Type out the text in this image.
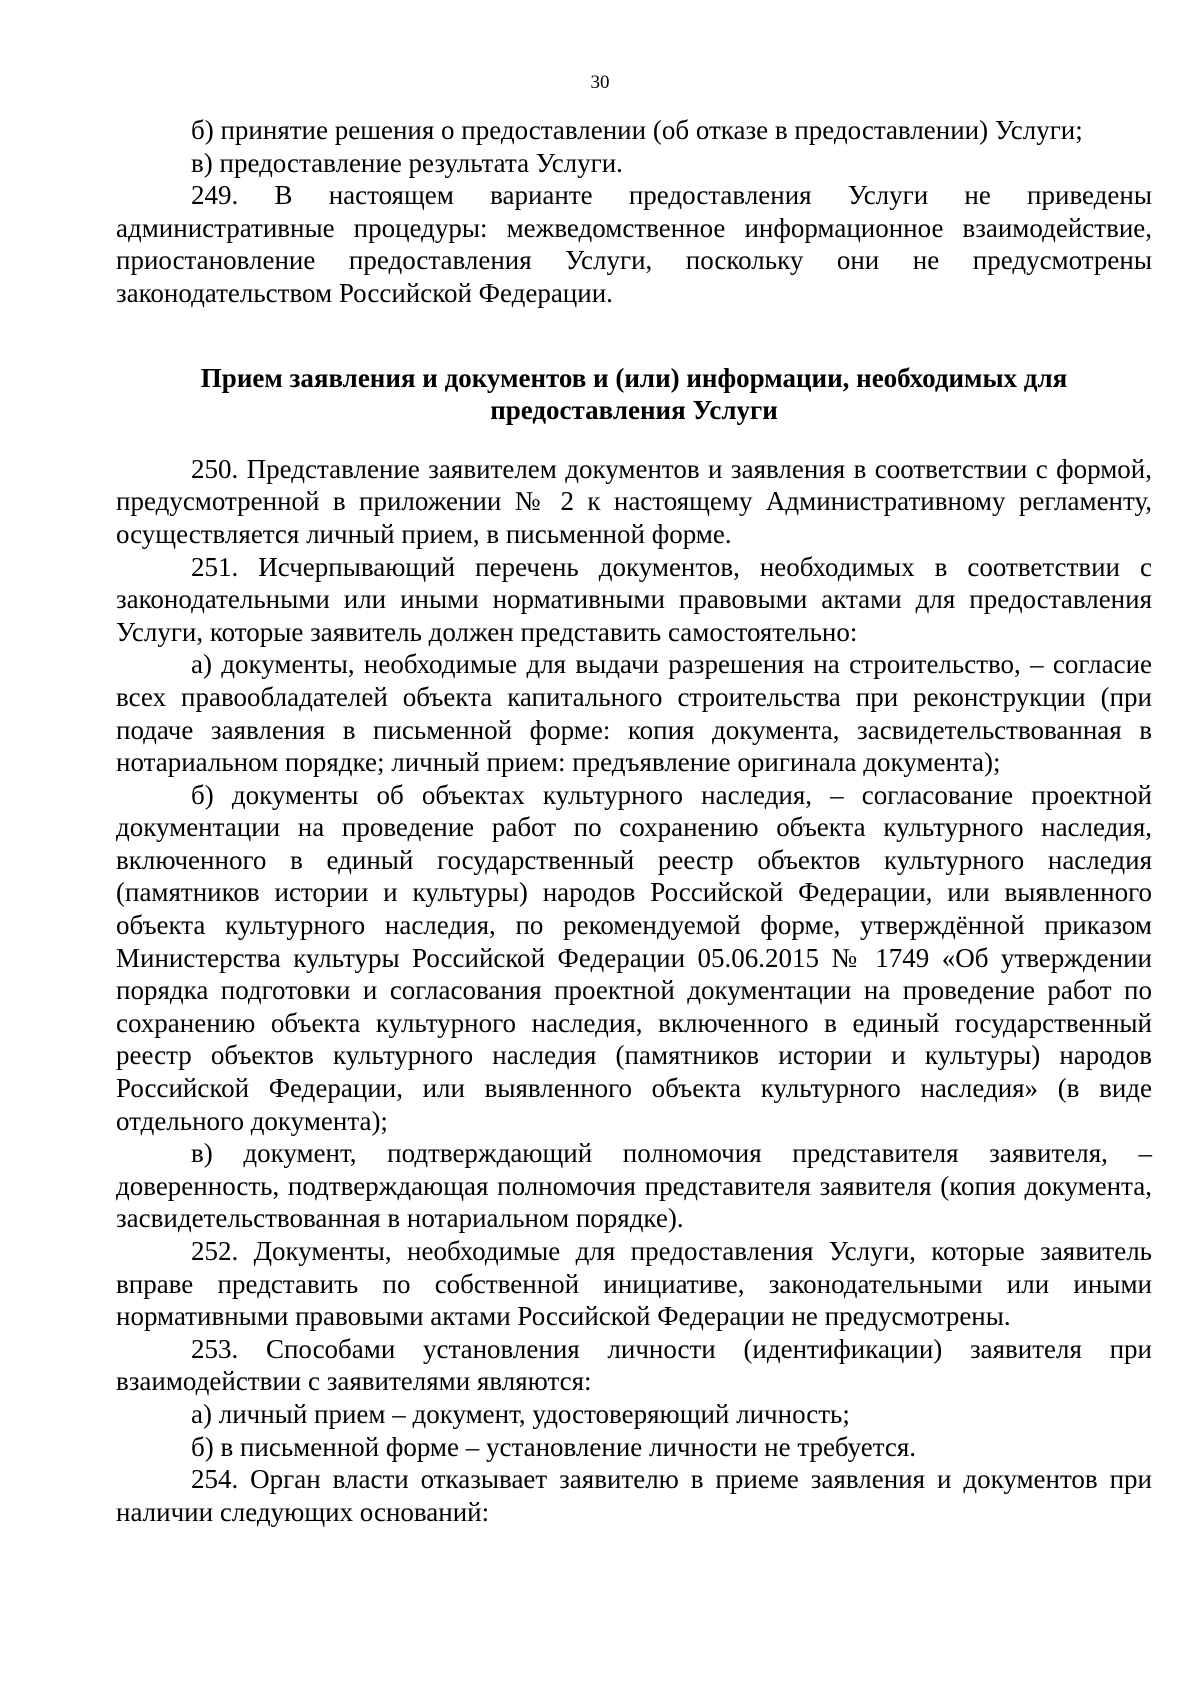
30

б) принятие решения о предоставлении (об отказе в предоставлении) Услуги;

в) предоставление результата Услуги.

249. В настоящем варианте предоставления Услуги не приведены административные процедуры: межведомственное информационное взаимодействие, приостановление предоставления Услуги, поскольку они не предусмотрены законодательством Российской Федерации.

Прием заявления и документов и (или) информации, необходимых для предоставления Услуги

250. Представление заявителем документов и заявления в соответствии с формой, предусмотренной в приложении № 2 к настоящему Административному регламенту, осуществляется личный прием, в письменной форме.

251. Исчерпывающий перечень документов, необходимых в соответствии с законодательными или иными нормативными правовыми актами для предоставления Услуги, которые заявитель должен представить самостоятельно:

а) документы, необходимые для выдачи разрешения на строительство, – согласие всех правообладателей объекта капитального строительства при реконструкции (при подаче заявления в письменной форме: копия документа, засвидетельствованная в нотариальном порядке; личный прием: предъявление оригинала документа);

б) документы об объектах культурного наследия, – согласование проектной документации на проведение работ по сохранению объекта культурного наследия, включенного в единый государственный реестр объектов культурного наследия (памятников истории и культуры) народов Российской Федерации, или выявленного объекта культурного наследия, по рекомендуемой форме, утверждённой приказом Министерства культуры Российской Федерации 05.06.2015 № 1749 «Об утверждении порядка подготовки и согласования проектной документации на проведение работ по сохранению объекта культурного наследия, включенного в единый государственный реестр объектов культурного наследия (памятников истории и культуры) народов Российской Федерации, или выявленного объекта культурного наследия» (в виде отдельного документа);

в) документ, подтверждающий полномочия представителя заявителя, – доверенность, подтверждающая полномочия представителя заявителя (копия документа, засвидетельствованная в нотариальном порядке).

252. Документы, необходимые для предоставления Услуги, которые заявитель вправе представить по собственной инициативе, законодательными или иными нормативными правовыми актами Российской Федерации не предусмотрены.

253. Способами установления личности (идентификации) заявителя при взаимодействии с заявителями являются:

а) личный прием – документ, удостоверяющий личность;

б) в письменной форме – установление личности не требуется.

254. Орган власти отказывает заявителю в приеме заявления и документов при наличии следующих оснований:
